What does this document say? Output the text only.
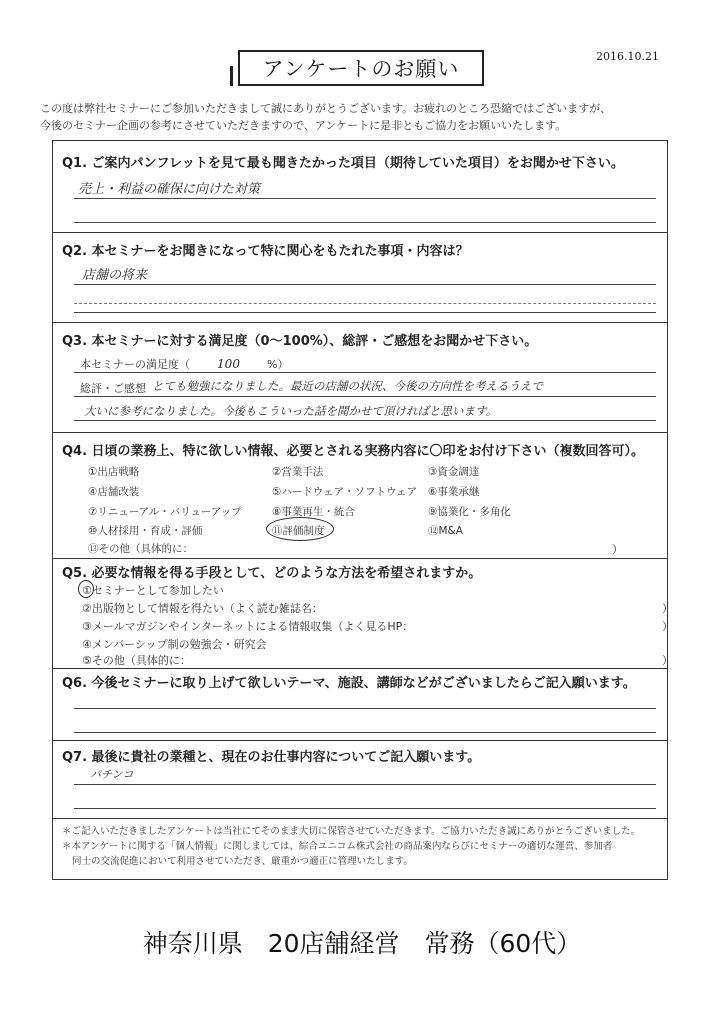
2016.10.21
アンケートのお願い
この度は弊社セミナーにご参加いただきまして誠にありがとうございます。お疲れのところ恐縮ではございますが、
今後のセミナー企画の参考にさせていただきますので、アンケートに是非ともご協力をお願いいたします。
Q1. ご案内パンフレットを見て最も聞きたかった項目（期待していた項目）をお聞かせ下さい。
売上・利益の確保に向けた対策
Q2. 本セミナーをお聞きになって特に関心をもたれた事項・内容は？
店舗の将来
Q3. 本セミナーに対する満足度（0〜100%）、総評・ご感想をお聞かせ下さい。
本セミナーの満足度（ 100 %）
総評・ご感想 とても勉強になりました。最近の店舗の状況、今後の方向性を考えるうえで
大いに参考になりました。今後もこういった話を聞かせて頂ければと思います。
Q4. 日頃の業務上、特に欲しい情報、必要とされる実務内容に〇印をお付け下さい（複数回答可）。
①出店戦略	②営業手法	③資金調達
④店舗改装	⑤ハードウェア・ソフトウェア ⑥事業承継
⑦リニューアル・バリューアップ	⑧事業再生・統合	⑨協業化・多角化
⑩人材採用・育成・評価	⑪評価制度	⑫M&A
⑬その他（具体的に：	）
Q5. 必要な情報を得る手段として、どのような方法を希望されますか。
①セミナーとして参加したい
②出版物として情報を得たい（よく読む雑誌名：	）
③メールマガジンやインターネットによる情報収集（よく見るHP：	）
④メンバーシップ制の勉強会・研究会
⑤その他（具体的に：	）
Q6. 今後セミナーに取り上げて欲しいテーマ、施設、講師などがございましたらご記入願います。
Q7. 最後に貴社の業種と、現在のお仕事内容についてご記入願います。
パチンコ
＊ご記入いただきましたアンケートは当社にてそのまま大切に保管させていただきます。ご協力いただき誠にありがとうございました。
＊本アンケートに関する「個人情報」に関しましては、綜合ユニコム株式会社の商品案内ならびにセミナーの適切な運営、参加者
同士の交流促進において利用させていただき、厳重かつ適正に管理いたします。
神奈川県　20店舗経営　常務（60代）
